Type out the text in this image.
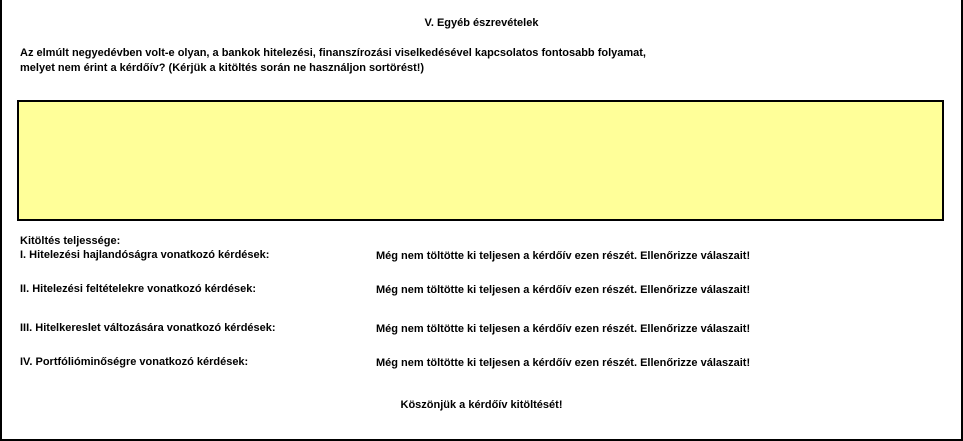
V. Egyéb észrevételek
Az elmúlt negyedévben volt-e olyan, a bankok hitelezési, finanszírozási viselkedésével kapcsolatos fontosabb folyamat,
melyet nem érint a kérdőív? (Kérjük a kitöltés során ne használjon sortörést!)
Kitöltés teljessége:
I. Hitelezési hajlandóságra vonatkozó kérdések:	Még nem töltötte ki teljesen a kérdőív ezen részét. Ellenőrizze válaszait!
II. Hitelezési feltételekre vonatkozó kérdések:	Még nem töltötte ki teljesen a kérdőív ezen részét. Ellenőrizze válaszait!
III. Hitelkereslet változására vonatkozó kérdések:	Még nem töltötte ki teljesen a kérdőív ezen részét. Ellenőrizze válaszait!
IV. Portfólióminőségre vonatkozó kérdések:	Még nem töltötte ki teljesen a kérdőív ezen részét. Ellenőrizze válaszait!
Köszönjük a kérdőív kitöltését!
